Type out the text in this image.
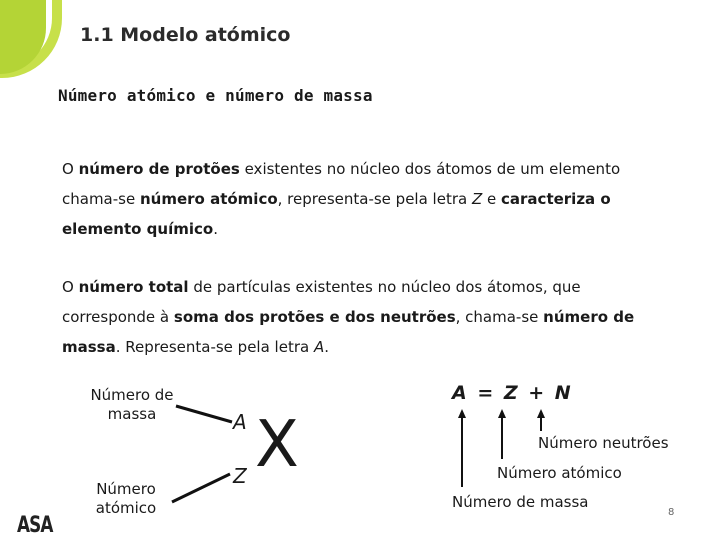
1.1 Modelo atómico
Número atómico e número de massa
O número de protões existentes no núcleo dos átomos de um elemento
chama-se número atómico, representa-se pela letra Z e caracteriza o
elemento químico.
O número total de partículas existentes no núcleo dos átomos, que
corresponde à soma dos protões e dos neutrões, chama-se número de
massa. Representa-se pela letra A.
Número de massa
Número atómico
A
Z X
A = Z + N
Número neutrões
Número atómico
Número de massa
8
ASA
